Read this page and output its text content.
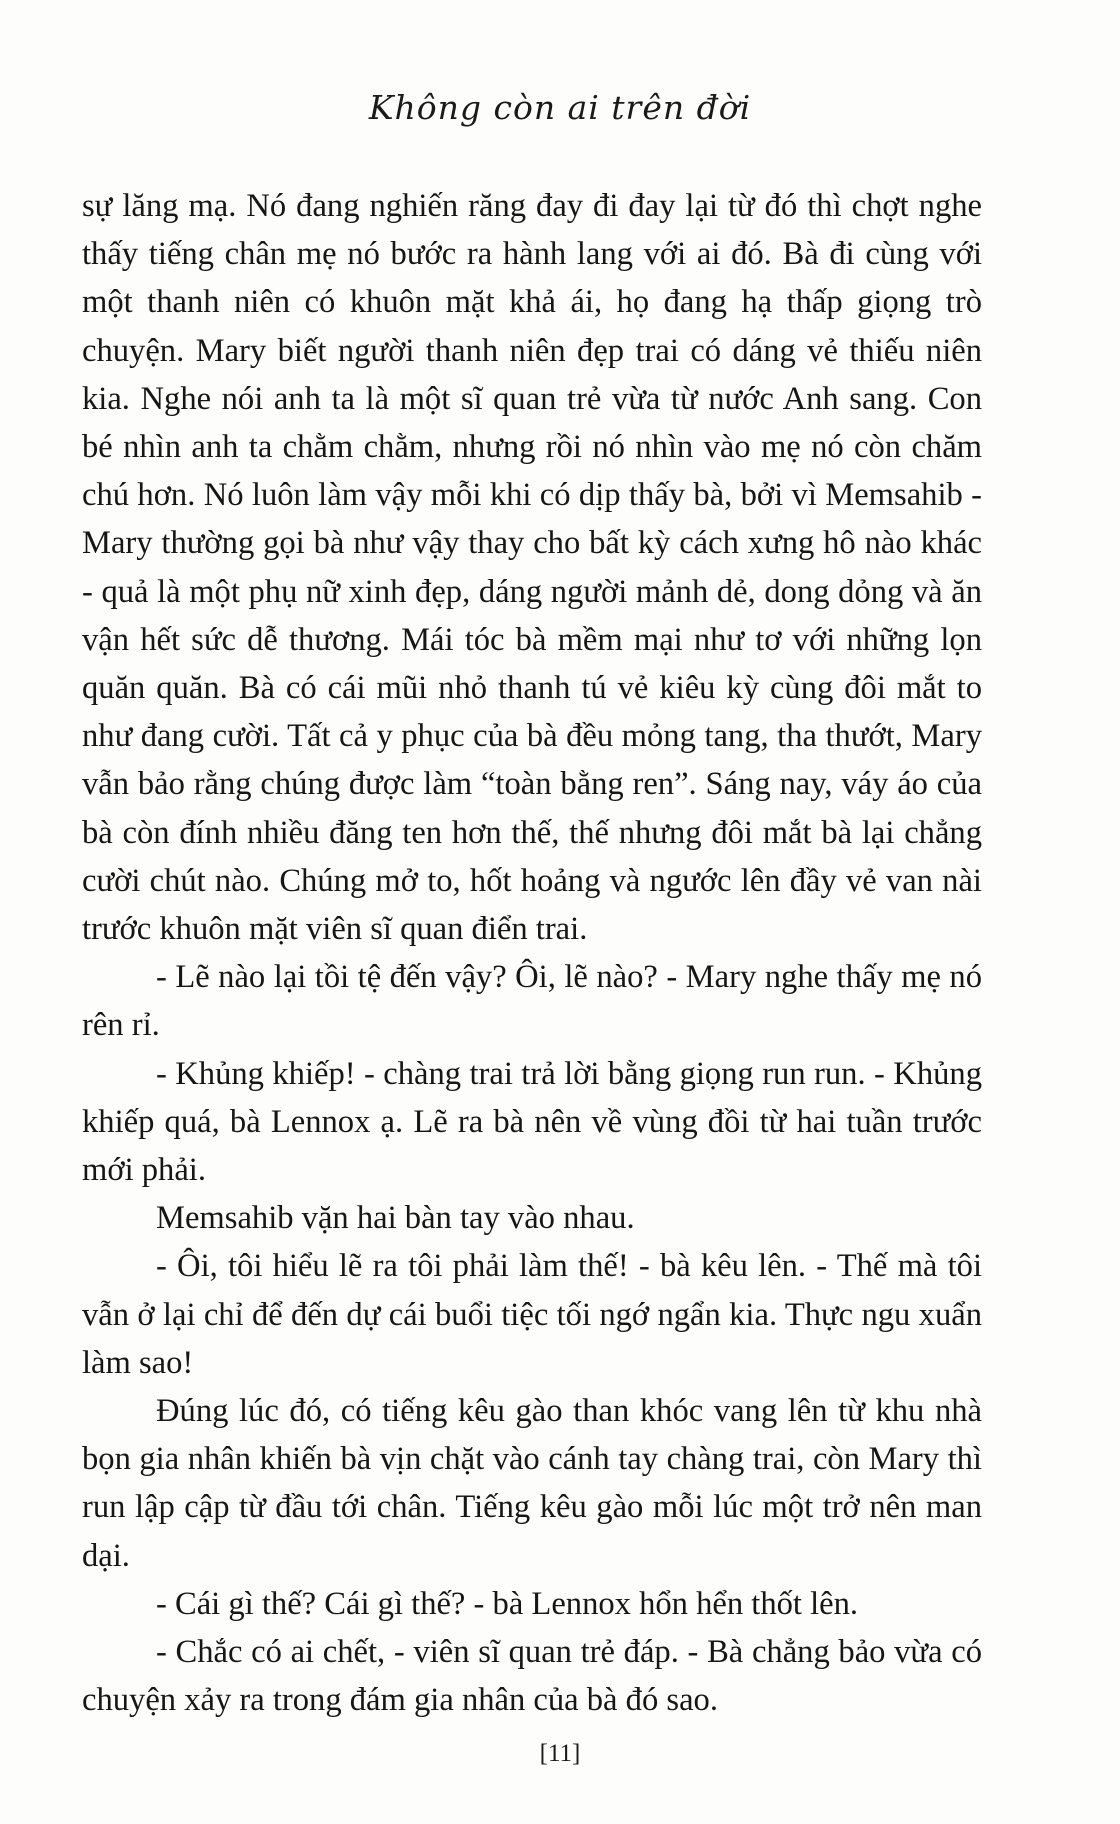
Không còn ai trên đời

sự lăng mạ. Nó đang nghiến răng đay đi đay lại từ đó thì chợt nghe thấy tiếng chân mẹ nó bước ra hành lang với ai đó. Bà đi cùng với một thanh niên có khuôn mặt khả ái, họ đang hạ thấp giọng trò chuyện. Mary biết người thanh niên đẹp trai có dáng vẻ thiếu niên kia. Nghe nói anh ta là một sĩ quan trẻ vừa từ nước Anh sang. Con bé nhìn anh ta chằm chằm, nhưng rồi nó nhìn vào mẹ nó còn chăm chú hơn. Nó luôn làm vậy mỗi khi có dịp thấy bà, bởi vì Memsahib - Mary thường gọi bà như vậy thay cho bất kỳ cách xưng hô nào khác - quả là một phụ nữ xinh đẹp, dáng người mảnh dẻ, dong dỏng và ăn vận hết sức dễ thương. Mái tóc bà mềm mại như tơ với những lọn quăn quăn. Bà có cái mũi nhỏ thanh tú vẻ kiêu kỳ cùng đôi mắt to như đang cười. Tất cả y phục của bà đều mỏng tang, tha thướt, Mary vẫn bảo rằng chúng được làm “toàn bằng ren”. Sáng nay, váy áo của bà còn đính nhiều đăng ten hơn thế, thế nhưng đôi mắt bà lại chẳng cười chút nào. Chúng mở to, hốt hoảng và ngước lên đầy vẻ van nài trước khuôn mặt viên sĩ quan điển trai.

- Lẽ nào lại tồi tệ đến vậy? Ôi, lẽ nào? - Mary nghe thấy mẹ nó rên rỉ.

- Khủng khiếp! - chàng trai trả lời bằng giọng run run. - Khủng khiếp quá, bà Lennox ạ. Lẽ ra bà nên về vùng đồi từ hai tuần trước mới phải.

Memsahib vặn hai bàn tay vào nhau.

- Ôi, tôi hiểu lẽ ra tôi phải làm thế! - bà kêu lên. - Thế mà tôi vẫn ở lại chỉ để đến dự cái buổi tiệc tối ngớ ngẩn kia. Thực ngu xuẩn làm sao!

Đúng lúc đó, có tiếng kêu gào than khóc vang lên từ khu nhà bọn gia nhân khiến bà vịn chặt vào cánh tay chàng trai, còn Mary thì run lập cập từ đầu tới chân. Tiếng kêu gào mỗi lúc một trở nên man dại.

- Cái gì thế? Cái gì thế? - bà Lennox hổn hển thốt lên.

- Chắc có ai chết, - viên sĩ quan trẻ đáp. - Bà chẳng bảo vừa có chuyện xảy ra trong đám gia nhân của bà đó sao.

[11]
